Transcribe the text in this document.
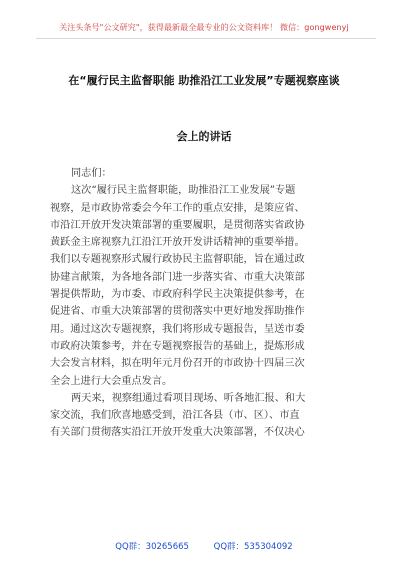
关注头条号"公文研究"，获得最新最全最专业的公文资料库！ 微信：gongwenyj
在“履行民主监督职能 助推沿江工业发展”专题视察座谈
会上的讲话
同志们：
这次“履行民主监督职能，助推沿江工业发展”专题
视察，是市政协常委会今年工作的重点安排，是策应省、
市沿江开放开发决策部署的重要履职，是贯彻落实省政协
黄跃金主席视察九江沿江开放开发讲话精神的重要举措。
我们以专题视察形式履行政协民主监督职能，旨在通过政
协建言献策，为各地各部门进一步落实省、市重大决策部
署提供帮助，为市委、市政府科学民主决策提供参考，在
促进省、市重大决策部署的贯彻落实中更好地发挥助推作
用。通过这次专题视察，我们将形成专题报告，呈送市委
市政府决策参考，并在专题视察报告的基础上，提炼形成
大会发言材料，拟在明年元月份召开的市政协十四届三次
全会上进行大会重点发言。
两天来，视察组通过看项目现场、听各地汇报、和大
家交流，我们欣喜地感受到，沿江各县（市、区）、市直
有关部门贯彻落实沿江开放开发重大决策部署，不仅决心
QQ群：30265665	QQ群：535304092
